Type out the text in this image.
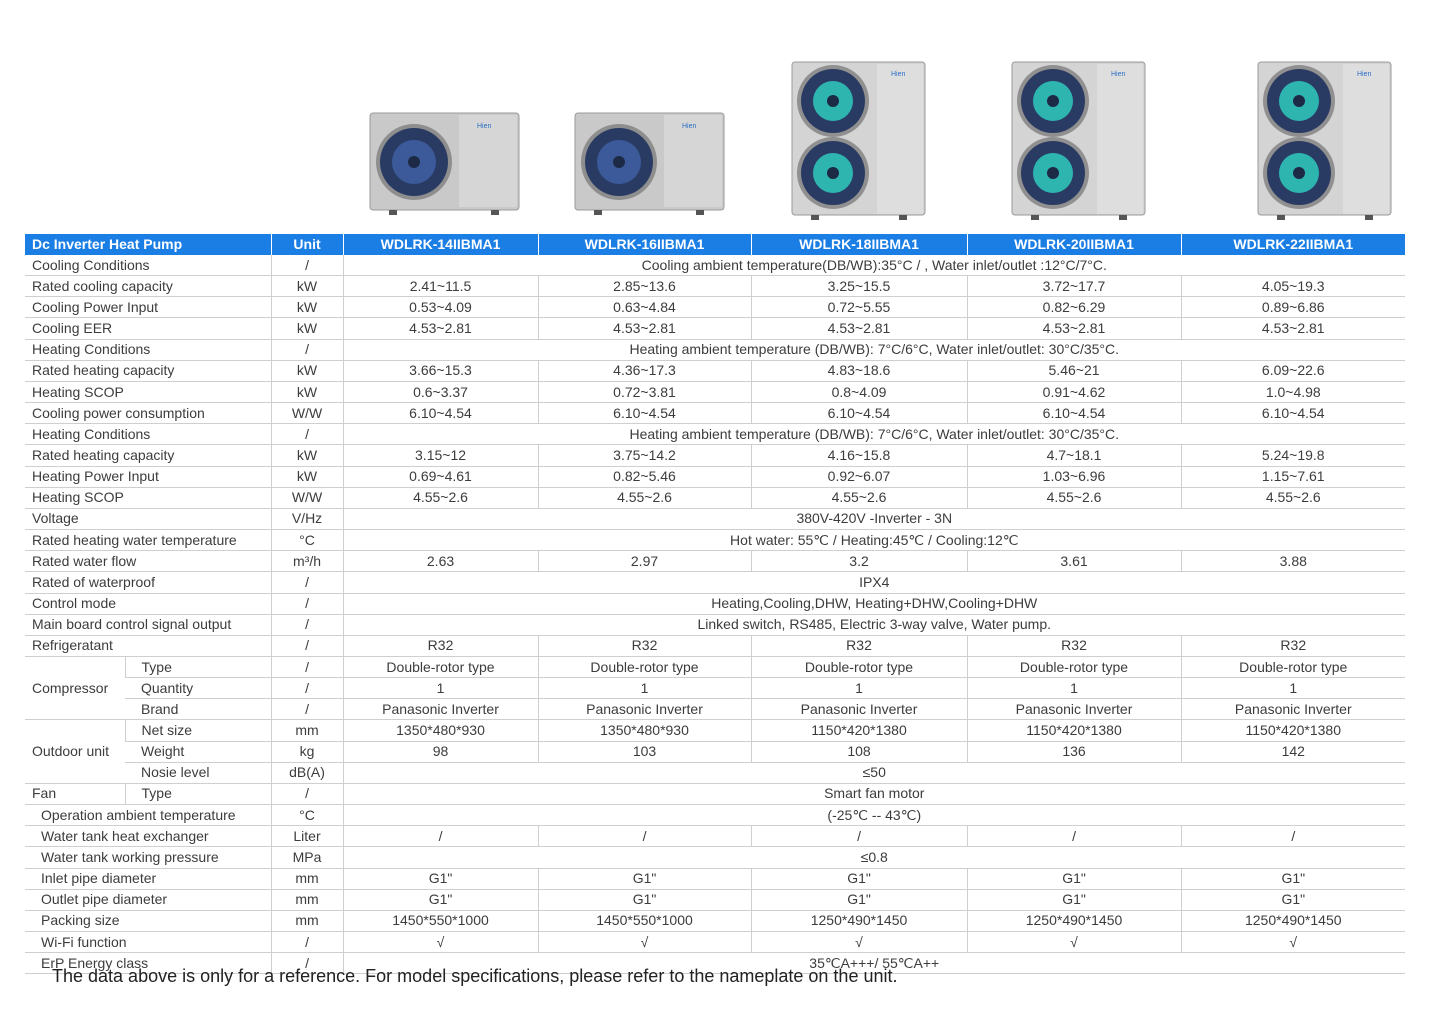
Hien	Hien
Hien	Hien	Hien
Dc Inverter Heat Pump		Unit	WDLRK-14IIBMA1	WDLRK-16IIBMA1	WDLRK-18IIBMA1	WDLRK-20IIBMA1	WDLRK-22IIBMA1
Cooling Conditions		/	Cooling ambient temperature(DB/WB):35°C / , Water inlet/outlet :12°C/7°C.				
Rated cooling capacity		kW	2.41~11.5	2.85~13.6	3.25~15.5	3.72~17.7	4.05~19.3
Cooling Power Input		kW	0.53~4.09	0.63~4.84	0.72~5.55	0.82~6.29	0.89~6.86
Cooling EER		kW	4.53~2.81	4.53~2.81	4.53~2.81	4.53~2.81	4.53~2.81
Heating Conditions		/	Heating ambient temperature (DB/WB): 7°C/6°C, Water inlet/outlet: 30°C/35°C.				
Rated heating capacity		kW	3.66~15.3	4.36~17.3	4.83~18.6	5.46~21	6.09~22.6
Heating SCOP		kW	0.6~3.37	0.72~3.81	0.8~4.09	0.91~4.62	1.0~4.98
Cooling power consumption		W/W	6.10~4.54	6.10~4.54	6.10~4.54	6.10~4.54	6.10~4.54
Heating Conditions		/	Heating ambient temperature (DB/WB): 7°C/6°C, Water inlet/outlet: 30°C/35°C.				
Rated heating capacity		kW	3.15~12	3.75~14.2	4.16~15.8	4.7~18.1	5.24~19.8
Heating Power Input		kW	0.69~4.61	0.82~5.46	0.92~6.07	1.03~6.96	1.15~7.61
Heating SCOP		W/W	4.55~2.6	4.55~2.6	4.55~2.6	4.55~2.6	4.55~2.6
Voltage		V/Hz	380V-420V -Inverter - 3N				
Rated heating water temperature		°C	Hot water: 55℃ / Heating:45℃ / Cooling:12℃				
Rated water flow		m³/h	2.63	2.97	3.2	3.61	3.88
Rated of waterproof		/	IPX4				
Control mode		/	Heating,Cooling,DHW, Heating+DHW,Cooling+DHW				
Main board control signal output		/	Linked switch, RS485, Electric 3-way valve, Water pump.				
Refrigeratant		/	R32	R32	R32	R32	R32
Compressor	Type	/	Double-rotor type	Double-rotor type	Double-rotor type	Double-rotor type	Double-rotor type
	Quantity	/	1	1	1	1	1
	Brand	/	Panasonic Inverter	Panasonic Inverter	Panasonic Inverter	Panasonic Inverter	Panasonic Inverter
Outdoor unit	Net size	mm	1350*480*930	1350*480*930	1150*420*1380	1150*420*1380	1150*420*1380
	Weight	kg	98	103	108	136	142
	Nosie level	dB(A)	≤50				
Fan	Type	/	Smart fan motor				
Operation ambient temperature		°C	(-25℃ -- 43℃)				
Water tank heat exchanger		Liter	/	/	/	/	/
Water tank working pressure		MPa	≤0.8				
Inlet pipe diameter		mm	G1"	G1"	G1"	G1"	G1"
Outlet pipe diameter		mm	G1"	G1"	G1"	G1"	G1"
Packing size		mm	1450*550*1000	1450*550*1000	1250*490*1450	1250*490*1450	1250*490*1450
Wi-Fi function		/	√	√	√	√	√
ErP Energy class		/	35℃A+++/ 55℃A++				
The data above is only for a reference. For model specifications, please refer to the nameplate on the unit.
